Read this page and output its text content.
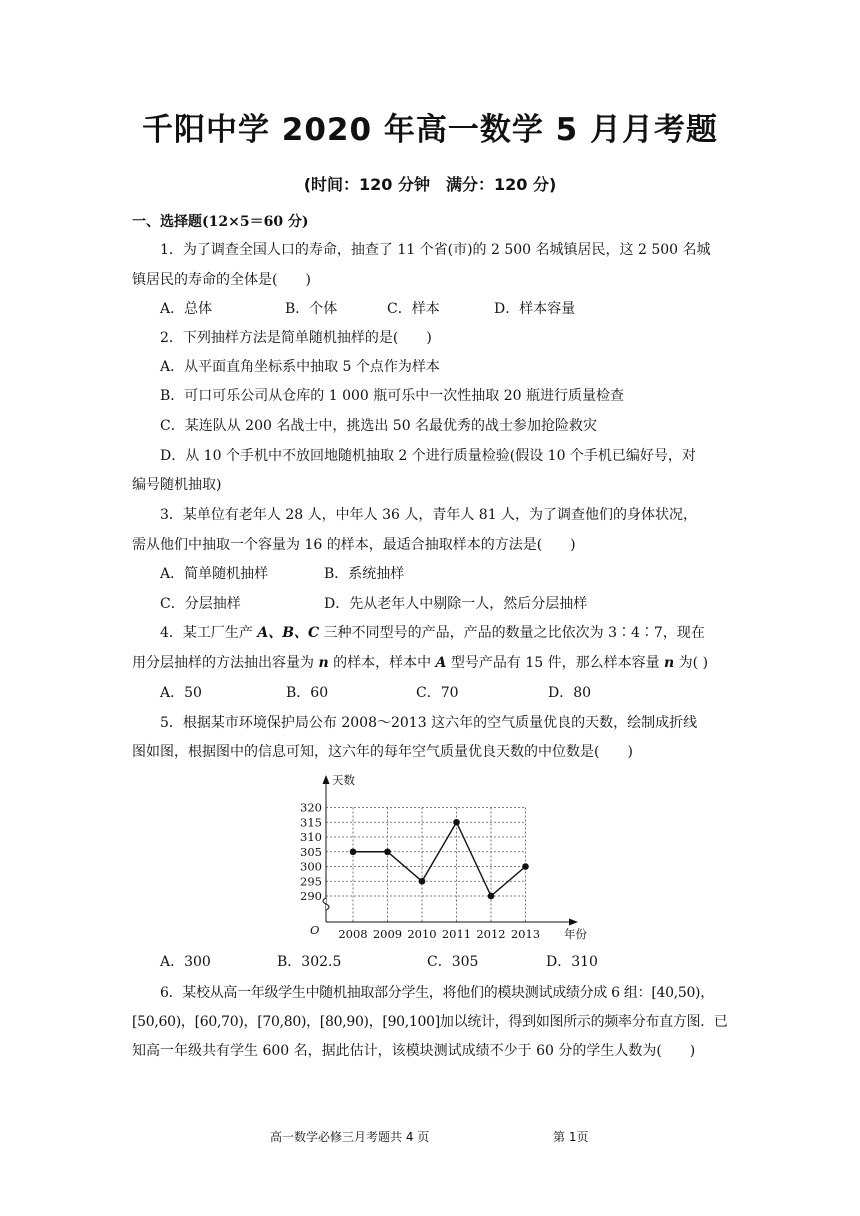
千阳中学 2020 年高一数学 5 月月考题
(时间：120 分钟　满分：120 分)
一、选择题(12×5＝60 分)
1．为了调查全国人口的寿命，抽查了 11 个省(市)的 2 500 名城镇居民，这 2 500 名城
镇居民的寿命的全体是(　　)
A．总体	B．个体	C．样本	D．样本容量
2．下列抽样方法是简单随机抽样的是(　　)
A．从平面直角坐标系中抽取 5 个点作为样本
B．可口可乐公司从仓库的 1 000 瓶可乐中一次性抽取 20 瓶进行质量检查
C．某连队从 200 名战士中，挑选出 50 名最优秀的战士参加抢险救灾
D．从 10 个手机中不放回地随机抽取 2 个进行质量检验(假设 10 个手机已编好号，对
编号随机抽取)
3．某单位有老年人 28 人，中年人 36 人，青年人 81 人，为了调查他们的身体状况，
需从他们中抽取一个容量为 16 的样本，最适合抽取样本的方法是(　　)
A．简单随机抽样	B．系统抽样
C．分层抽样	D．先从老年人中剔除一人，然后分层抽样
4．某工厂生产 A、B、C 三种不同型号的产品，产品的数量之比依次为 3∶4∶7，现在
用分层抽样的方法抽出容量为 n 的样本，样本中 A 型号产品有 15 件，那么样本容量 n 为( )
A．50	B．60	C．70	D．80
5．根据某市环境保护局公布 2008～2013 这六年的空气质量优良的天数，绘制成折线
图如图，根据图中的信息可知，这六年的每年空气质量优良天数的中位数是(　　)
天数
年份
O
290
295
300
305
310
315
320
2008 2009 2010 2011 2012 2013
A．300	B．302.5	C．305	D．310
6．某校从高一年级学生中随机抽取部分学生，将他们的模块测试成绩分成 6 组：[40,50)，
[50,60)，[60,70)，[70,80)，[80,90)，[90,100]加以统计，得到如图所示的频率分布直方图．已
知高一年级共有学生 600 名，据此估计，该模块测试成绩不少于 60 分的学生人数为(　　)
高一数学必修三月考题共 4 页	第 1页
